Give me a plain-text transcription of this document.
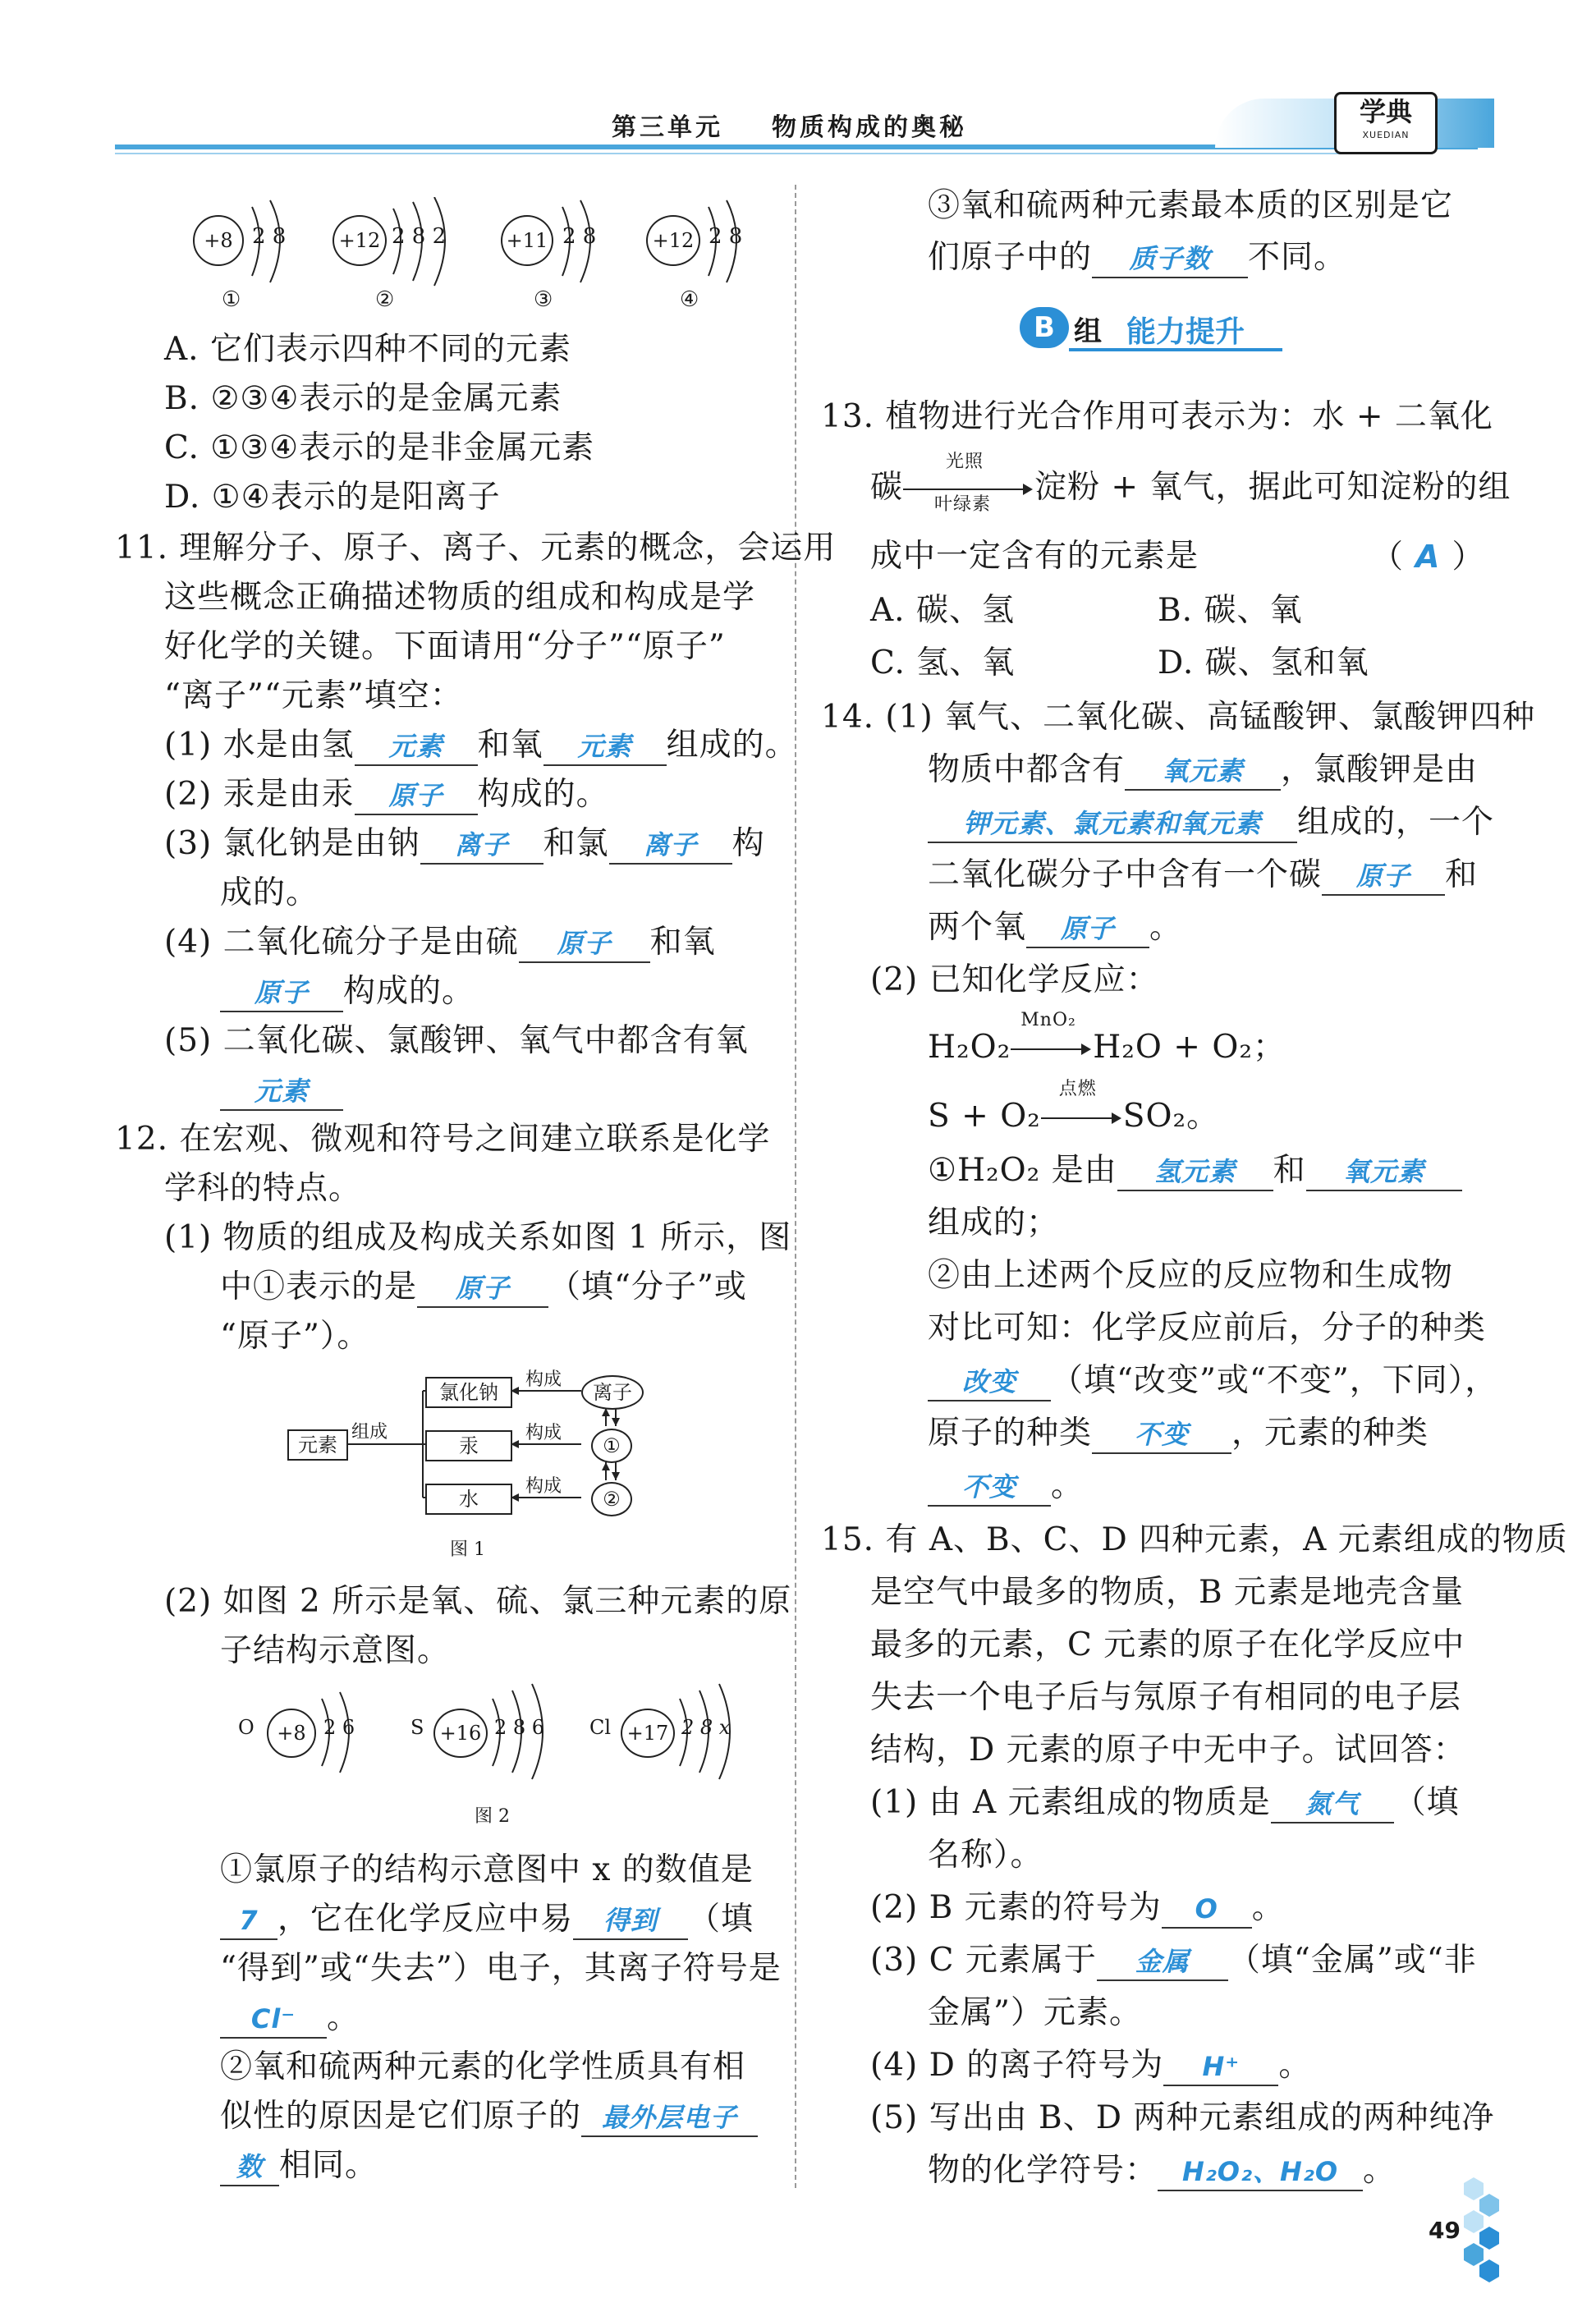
第三单元 物质构成的奥秘
学典
XUEDIAN
+8 2 8
①
+12 2 8 2
②
+11 2 8
③
+12 2 8
④
A. 它们表示四种不同的元素
B. ②③④表示的是金属元素
C. ①③④表示的是非金属元素
D. ①④表示的是阳离子
11. 理解分子、原子、离子、元素的概念，会运用
这些概念正确描述物质的组成和构成是学
好化学的关键。下面请用“分子”“原子”
“离子”“元素”填空：
(1) 水是由氢 元素 和氧 元素 组成的。
(2) 汞是由汞 原子 构成的。
(3) 氯化钠是由钠 离子 和氯 离子 构
成的。
(4) 二氧化硫分子是由硫 原子 和氧
原子 构成的。
(5) 二氧化碳、氯酸钾、氧气中都含有氧
元素
12. 在宏观、微观和符号之间建立联系是化学
学科的特点。
(1) 物质的组成及构成关系如图 1 所示，图
中①表示的是 原子 （填“分子”或
“原子”）。
元素
组成
氯化钠
汞
水
构成
构成
构成
离子
①
②
图 1
(2) 如图 2 所示是氧、硫、氯三种元素的原
子结构示意图。
O	+8 2 6	S +16 2 8 6 Cl +17 2 8 x
图 2
①氯原子的结构示意图中 x 的数值是
7 ，它在化学反应中易 得到 （填
“得到”或“失去”）电子，其离子符号是
Cl⁻ 。
②氧和硫两种元素的化学性质具有相
似性的原因是它们原子的 最外层电子
数 相同。
③氧和硫两种元素最本质的区别是它
们原子中的 质子数 不同。
B 组 能力提升
13. 植物进行光合作用可表示为：水 + 二氧化
碳
光照
叶绿素 淀粉 + 氧气，据此可知淀粉的组
成中一定含有的元素是	（ A ）
A. 碳、氢	B. 碳、氧
C. 氢、氧	D. 碳、氢和氧
14. (1) 氧气、二氧化碳、高锰酸钾、氯酸钾四种
物质中都含有 氧元素 ，氯酸钾是由
钾元素、氯元素和氧元素 组成的，一个
二氧化碳分子中含有一个碳 原子 和
两个氧 原子 。
(2) 已知化学反应：
H₂O₂
MnO₂
H₂O + O₂；
S + O₂
点燃
SO₂。
①H₂O₂ 是由 氢元素 和 氧元素
组成的；
②由上述两个反应的反应物和生成物
对比可知：化学反应前后，分子的种类
改变 （填“改变”或“不变”，下同），
原子的种类 不变 ，元素的种类
不变 。
15. 有 A、B、C、D 四种元素，A 元素组成的物质
是空气中最多的物质，B 元素是地壳含量
最多的元素，C 元素的原子在化学反应中
失去一个电子后与氖原子有相同的电子层
结构，D 元素的原子中无中子。试回答：
(1) 由 A 元素组成的物质是 氮气 （填
名称）。
(2) B 元素的符号为 O 。
(3) C 元素属于 金属 （填“金属”或“非
金属”）元素。
(4) D 的离子符号为 H⁺ 。
(5) 写出由 B、D 两种元素组成的两种纯净
物的化学符号： H₂O₂、H₂O 。
49
